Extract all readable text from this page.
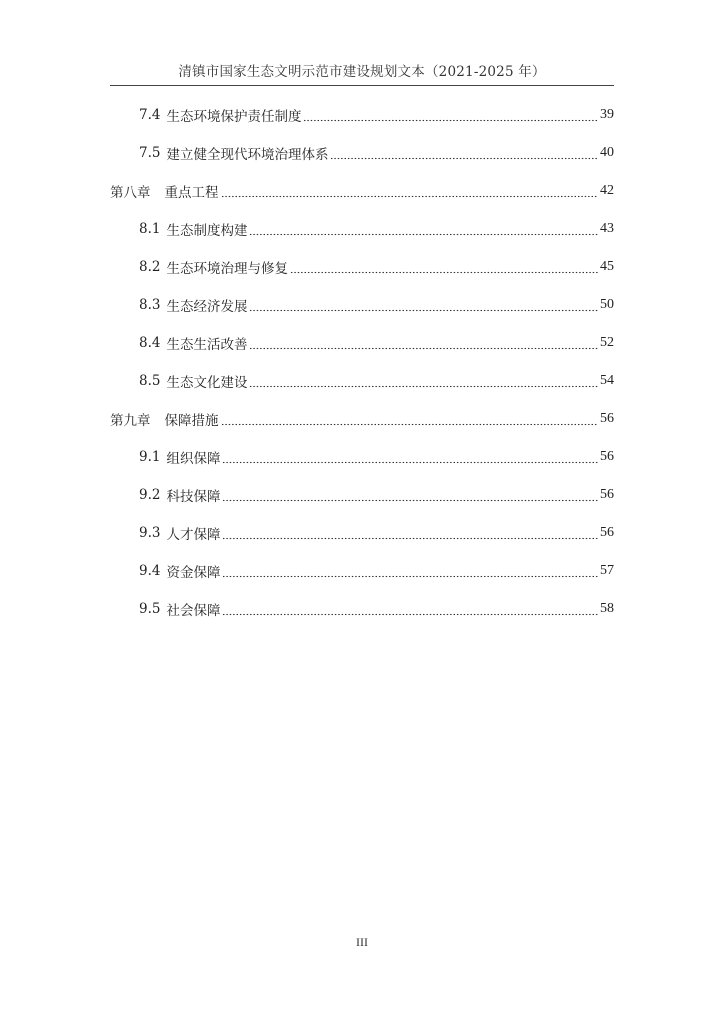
清镇市国家生态文明示范市建设规划文本（2021-2025 年）
7.4 生态环境保护责任制度	39
7.5 建立健全现代环境治理体系	40
第八章 重点工程	42
8.1 生态制度构建	43
8.2 生态环境治理与修复	45
8.3 生态经济发展	50
8.4 生态生活改善	52
8.5 生态文化建设	54
第九章 保障措施	56
9.1 组织保障	56
9.2 科技保障	56
9.3 人才保障	56
9.4 资金保障	57
9.5 社会保障	58
III
